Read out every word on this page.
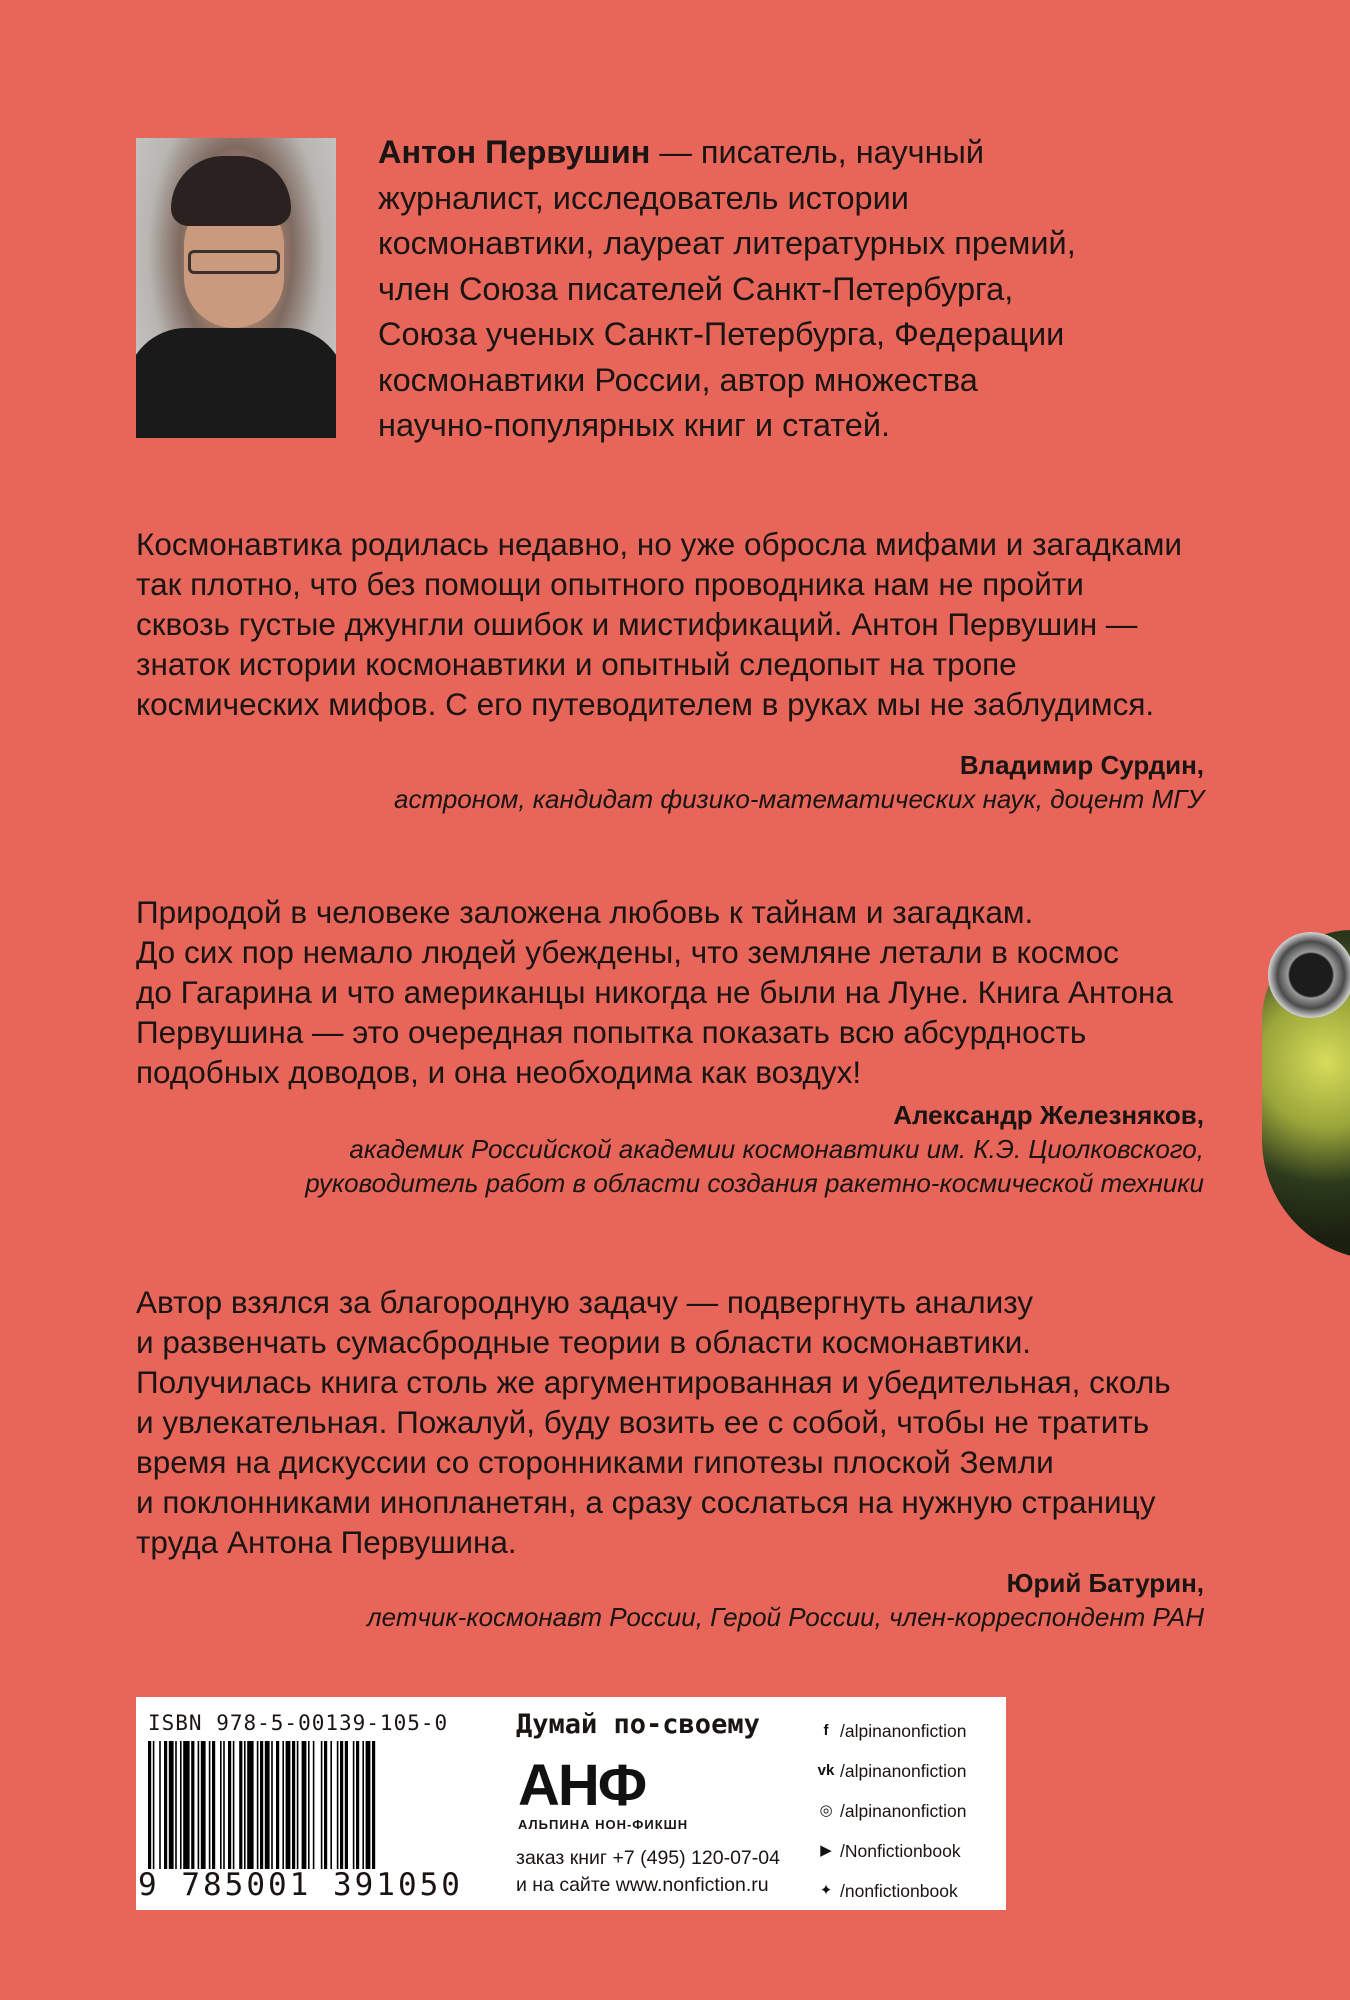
Антон Первушин — писатель, научный
журналист, исследователь истории
космонавтики, лауреат литературных премий,
член Союза писателей Санкт-Петербурга,
Союза ученых Санкт-Петербурга, Федерации
космонавтики России, автор множества
научно-популярных книг и статей.
Космонавтика родилась недавно, но уже обросла мифами и загадками
так плотно, что без помощи опытного проводника нам не пройти
сквозь густые джунгли ошибок и мистификаций. Антон Первушин —
знаток истории космонавтики и опытный следопыт на тропе
космических мифов. С его путеводителем в руках мы не заблудимся.
Владимир Сурдин,
астроном, кандидат физико-математических наук, доцент МГУ
Природой в человеке заложена любовь к тайнам и загадкам.
До сих пор немало людей убеждены, что земляне летали в космос
до Гагарина и что американцы никогда не были на Луне. Книга Антона
Первушина — это очередная попытка показать всю абсурдность
подобных доводов, и она необходима как воздух!
Александр Железняков,
академик Российской академии космонавтики им. К.Э. Циолковского,
руководитель работ в области создания ракетно-космической техники
Автор взялся за благородную задачу — подвергнуть анализу
и развенчать сумасбродные теории в области космонавтики.
Получилась книга столь же аргументированная и убедительная, сколь
и увлекательная. Пожалуй, буду возить ее с собой, чтобы не тратить
время на дискуссии со сторонниками гипотезы плоской Земли
и поклонниками инопланетян, а сразу сослаться на нужную страницу
труда Антона Первушина.
Юрий Батурин,
летчик-космонавт России, Герой России, член-корреспондент РАН
ISBN 978-5-00139-105-0
9 785001 391050
Думай по-своему
АНФ
АЛЬПИНА НОН-ФИКШН
заказ книг +7 (495) 120-07-04
и на сайте www.nonfiction.ru
f /alpinanonfiction
vk /alpinanonfiction
◎ /alpinanonfiction
▶ /Nonfictionbook
✦ /nonfictionbook
